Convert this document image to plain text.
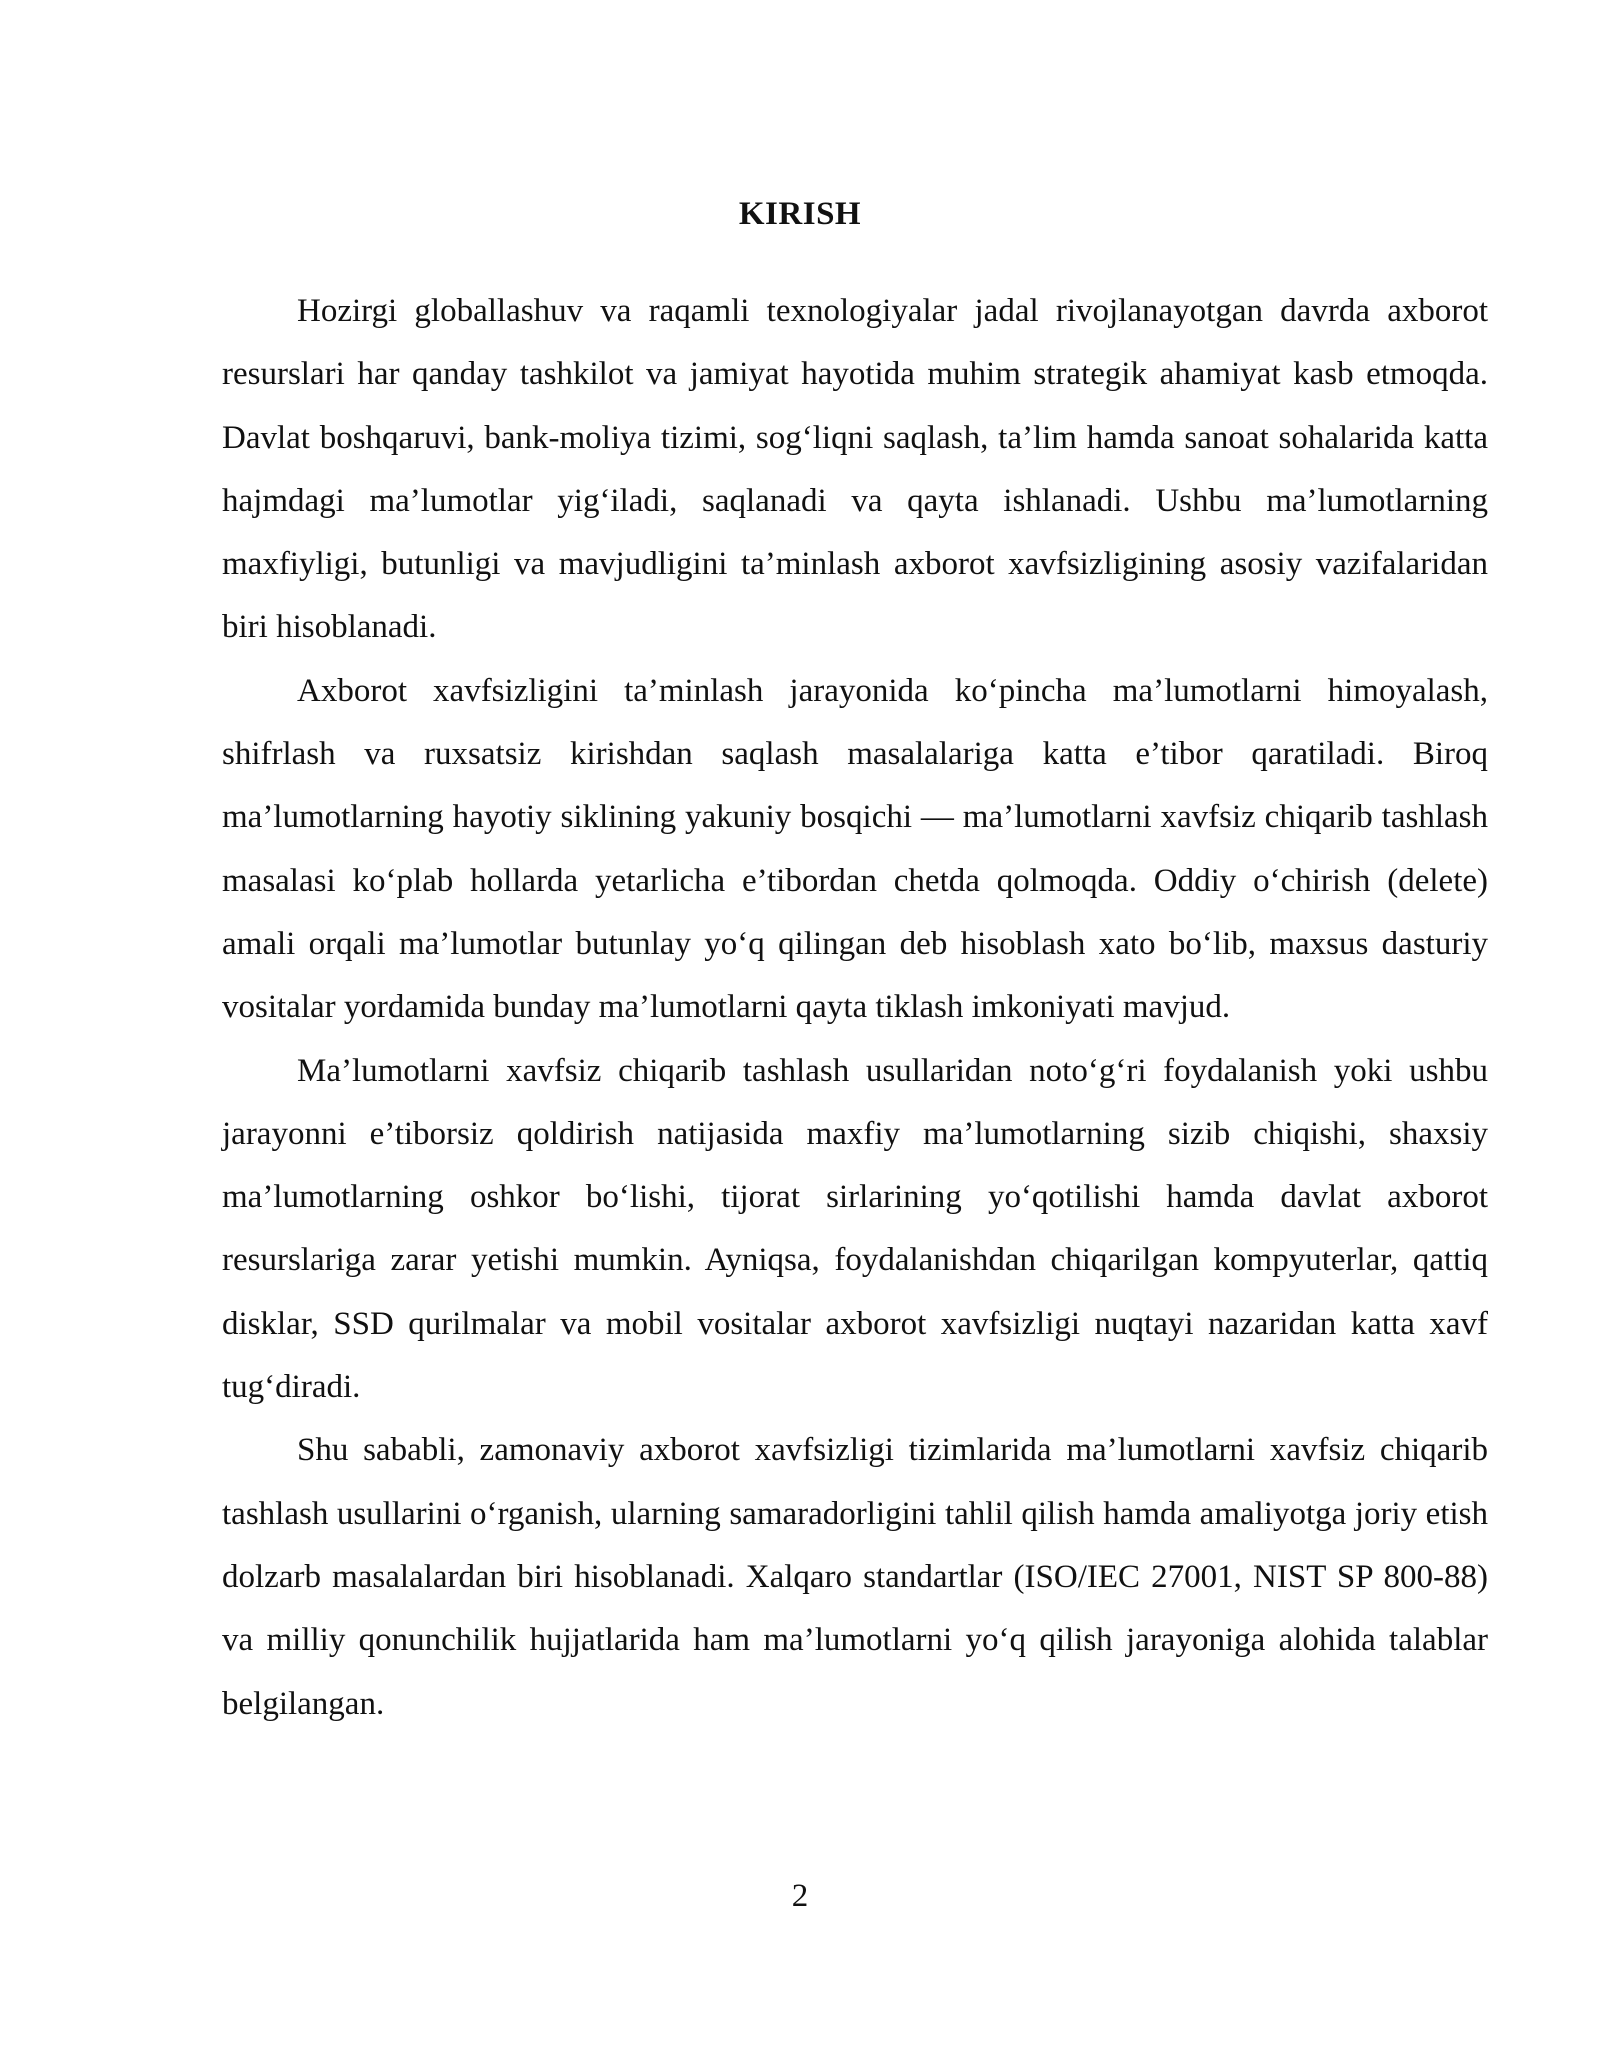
KIRISH

Hozirgi globallashuv va raqamli texnologiyalar jadal rivojlanayotgan davrda axborot resurslari har qanday tashkilot va jamiyat hayotida muhim strategik ahamiyat kasb etmoqda. Davlat boshqaruvi, bank-moliya tizimi, sog‘liqni saqlash, ta’lim hamda sanoat sohalarida katta hajmdagi ma’lumotlar yig‘iladi, saqlanadi va qayta ishlanadi. Ushbu ma’lumotlarning maxfiyligi, butunligi va mavjudligini ta’minlash axborot xavfsizligining asosiy vazifalaridan biri hisoblanadi.

Axborot xavfsizligini ta’minlash jarayonida ko‘pincha ma’lumotlarni himoyalash, shifrlash va ruxsatsiz kirishdan saqlash masalalariga katta e’tibor qaratiladi. Biroq ma’lumotlarning hayotiy siklining yakuniy bosqichi — ma’lumotlarni xavfsiz chiqarib tashlash masalasi ko‘plab hollarda yetarlicha e’tibordan chetda qolmoqda. Oddiy o‘chirish (delete) amali orqali ma’lumotlar butunlay yo‘q qilingan deb hisoblash xato bo‘lib, maxsus dasturiy vositalar yordamida bunday ma’lumotlarni qayta tiklash imkoniyati mavjud.

Ma’lumotlarni xavfsiz chiqarib tashlash usullaridan noto‘g‘ri foydalanish yoki ushbu jarayonni e’tiborsiz qoldirish natijasida maxfiy ma’lumotlarning sizib chiqishi, shaxsiy ma’lumotlarning oshkor bo‘lishi, tijorat sirlarining yo‘qotilishi hamda davlat axborot resurslariga zarar yetishi mumkin. Ayniqsa, foydalanishdan chiqarilgan kompyuterlar, qattiq disklar, SSD qurilmalar va mobil vositalar axborot xavfsizligi nuqtayi nazaridan katta xavf tug‘diradi.

Shu sababli, zamonaviy axborot xavfsizligi tizimlarida ma’lumotlarni xavfsiz chiqarib tashlash usullarini o‘rganish, ularning samaradorligini tahlil qilish hamda amaliyotga joriy etish dolzarb masalalardan biri hisoblanadi. Xalqaro standartlar (ISO/IEC 27001, NIST SP 800-88) va milliy qonunchilik hujjatlarida ham ma’lumotlarni yo‘q qilish jarayoniga alohida talablar belgilangan.

2
